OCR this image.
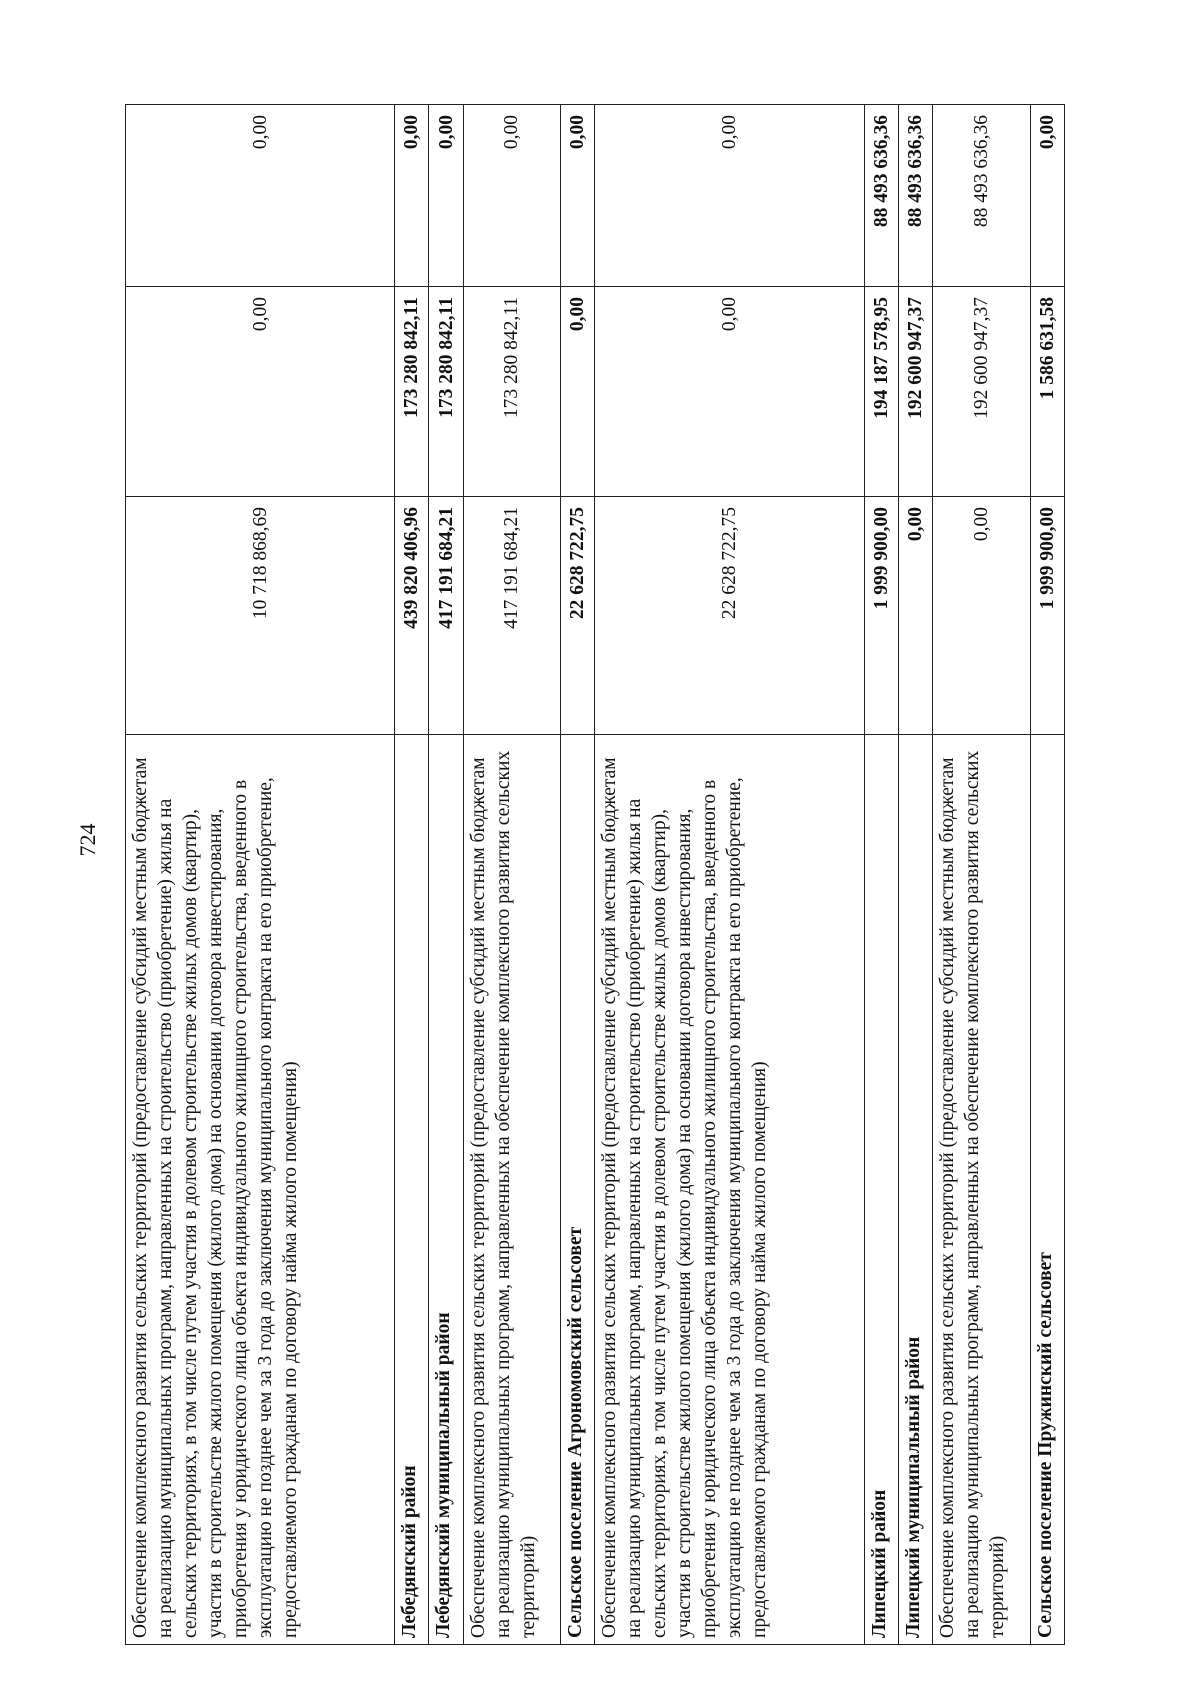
724	Обеспечение комплексного развития сельских территорий (предоставление субсидий местным бюджетам на реализацию муниципальных программ, направленных на строительство (приобретение) жилья на сельских территориях, в том числе путем участия в долевом строительстве жилых домов (квартир), участия в строительстве жилого помещения (жилого дома) на основании договора инвестирования, приобретения у юридического лица объекта индивидуального жилищного строительства, введенного в эксплуатацию не позднее чем за 3 года до заключения муниципального контракта на его приобретение, предоставляемого гражданам по договору найма жилого помещения)	10 718 868,69	0,00	0,00
Лебедянский район	439 820 406,96	173 280 842,11	0,00
Лебедянский муниципальный район	417 191 684,21	173 280 842,11	0,00
Обеспечение комплексного развития сельских территорий (предоставление субсидий местным бюджетам на реализацию муниципальных программ, направленных на обеспечение комплексного развития сельских территорий)	417 191 684,21	173 280 842,11	0,00
Сельское поселение Агрономовский сельсовет	22 628 722,75	0,00	0,00
Обеспечение комплексного развития сельских территорий (предоставление субсидий местным бюджетам на реализацию муниципальных программ, направленных на строительство (приобретение) жилья на сельских территориях, в том числе путем участия в долевом строительстве жилых домов (квартир), участия в строительстве жилого помещения (жилого дома) на основании договора инвестирования, приобретения у юридического лица объекта индивидуального жилищного строительства, введенного в эксплуатацию не позднее чем за 3 года до заключения муниципального контракта на его приобретение, предоставляемого гражданам по договору найма жилого помещения)	22 628 722,75	0,00	0,00
Липецкий район	1 999 900,00	194 187 578,95	88 493 636,36
Липецкий муниципальный район	0,00	192 600 947,37	88 493 636,36
Обеспечение комплексного развития сельских территорий (предоставление субсидий местным бюджетам на реализацию муниципальных программ, направленных на обеспечение комплексного развития сельских территорий)	0,00	192 600 947,37	88 493 636,36
Сельское поселение Пружинский сельсовет	1 999 900,00	1 586 631,58	0,00
